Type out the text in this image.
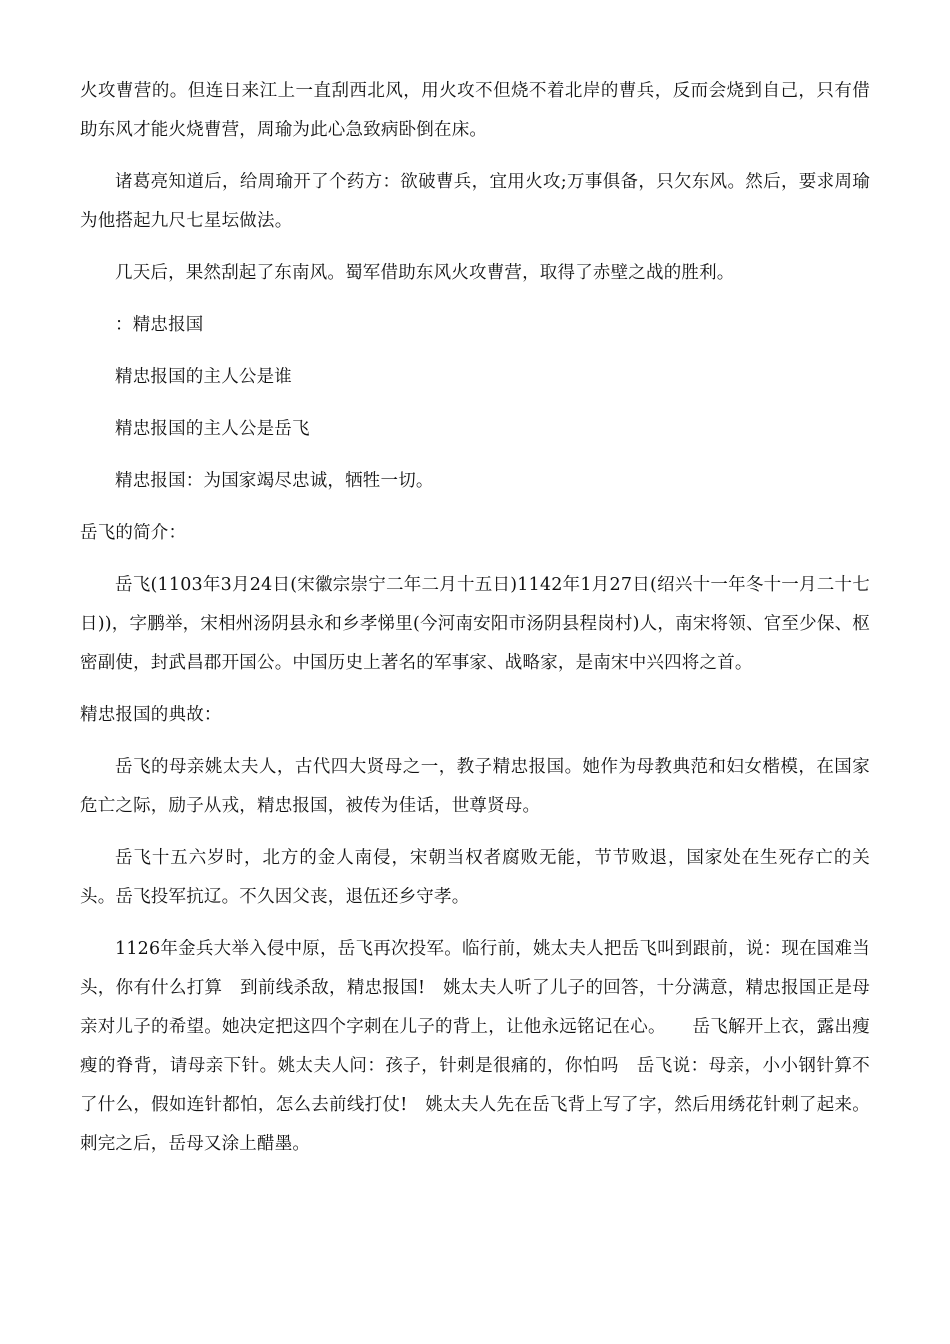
火攻曹营的。但连日来江上一直刮西北风，用火攻不但烧不着北岸的曹兵，反而会烧到自己，只有借助东风才能火烧曹营，周瑜为此心急致病卧倒在床。

诸葛亮知道后，给周瑜开了个药方：欲破曹兵，宜用火攻;万事俱备，只欠东风。然后，要求周瑜为他搭起九尺七星坛做法。

几天后，果然刮起了东南风。蜀军借助东风火攻曹营，取得了赤壁之战的胜利。

：精忠报国

精忠报国的主人公是谁

精忠报国的主人公是岳飞

精忠报国：为国家竭尽忠诚，牺牲一切。

岳飞的简介：

岳飞(1103年3月24日(宋徽宗崇宁二年二月十五日)1142年1月27日(绍兴十一年冬十一月二十七日))，字鹏举，宋相州汤阴县永和乡孝悌里(今河南安阳市汤阴县程岗村)人，南宋将领、官至少保、枢密副使，封武昌郡开国公。中国历史上著名的军事家、战略家，是南宋中兴四将之首。

精忠报国的典故：

岳飞的母亲姚太夫人，古代四大贤母之一，教子精忠报国。她作为母教典范和妇女楷模，在国家危亡之际，励子从戎，精忠报国，被传为佳话，世尊贤母。

岳飞十五六岁时，北方的金人南侵，宋朝当权者腐败无能，节节败退，国家处在生死存亡的关头。岳飞投军抗辽。不久因父丧，退伍还乡守孝。

1126年金兵大举入侵中原，岳飞再次投军。临行前，姚太夫人把岳飞叫到跟前，说：现在国难当头，你有什么打算　到前线杀敌，精忠报国!　姚太夫人听了儿子的回答，十分满意，精忠报国正是母亲对儿子的希望。她决定把这四个字刺在儿子的背上，让他永远铭记在心。　　岳飞解开上衣，露出瘦瘦的脊背，请母亲下针。姚太夫人问：孩子，针刺是很痛的，你怕吗　岳飞说：母亲，小小钢针算不了什么，假如连针都怕，怎么去前线打仗!　姚太夫人先在岳飞背上写了字，然后用绣花针刺了起来。刺完之后，岳母又涂上醋墨。
